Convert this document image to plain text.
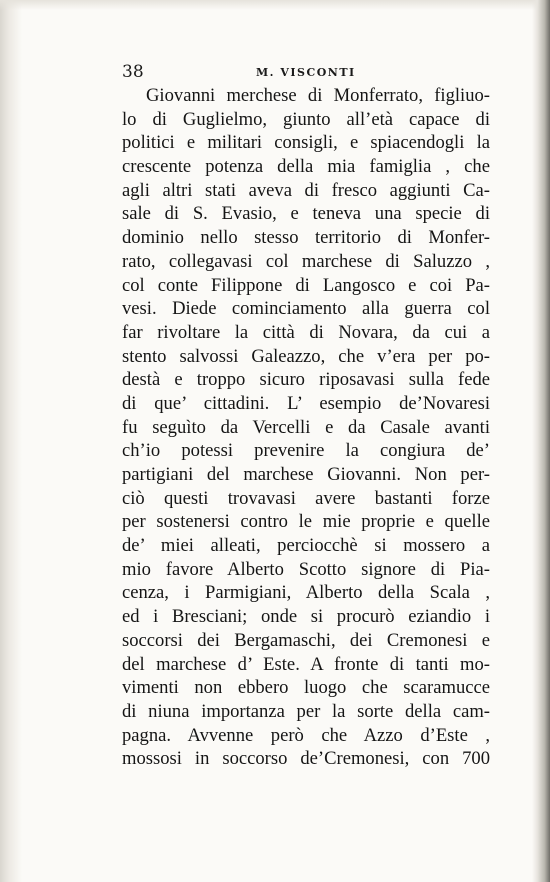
38	M. VISCONTI
Giovanni merchese di Monferrato, figliuo-
lo di Guglielmo, giunto all’età capace di
politici e militari consigli, e spiacendogli la
crescente potenza della mia famiglia , che
agli altri stati aveva di fresco aggiunti Ca-
sale di S. Evasio, e teneva una specie di
dominio nello stesso territorio di Monfer-
rato, collegavasi col marchese di Saluzzo ,
col conte Filippone di Langosco e coi Pa-
vesi. Diede cominciamento alla guerra col
far rivoltare la città di Novara, da cui a
stento salvossi Galeazzo, che v’era per po-
destà e troppo sicuro riposavasi sulla fede
di que’ cittadini. L’ esempio de’Novaresi
fu seguìto da Vercelli e da Casale avanti
ch’io potessi prevenire la congiura de’
partigiani del marchese Giovanni. Non per-
ciò questi trovavasi avere bastanti forze
per sostenersi contro le mie proprie e quelle
de’ miei alleati, perciocchè si mossero a
mio favore Alberto Scotto signore di Pia-
cenza, i Parmigiani, Alberto della Scala ,
ed i Bresciani; onde si procurò eziandio i
soccorsi dei Bergamaschi, dei Cremonesi e
del marchese d’ Este. A fronte di tanti mo-
vimenti non ebbero luogo che scaramucce
di niuna importanza per la sorte della cam-
pagna. Avvenne però che Azzo d’Este ,
mossosi in soccorso de’Cremonesi, con 700
